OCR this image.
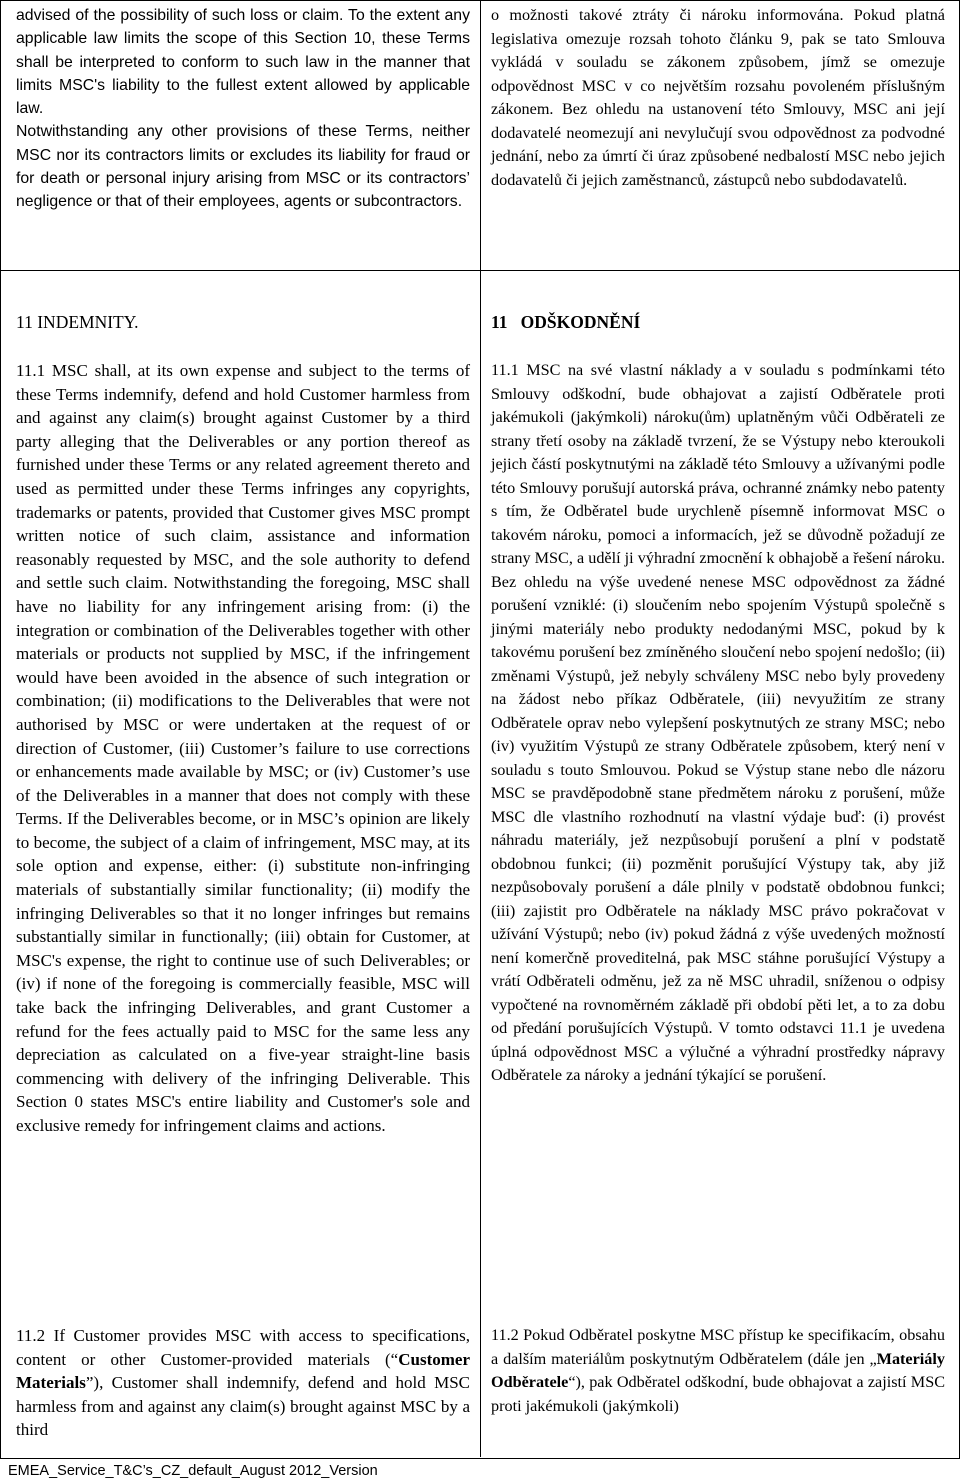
advised of the possibility of such loss or claim. To the extent any applicable law limits the scope of this Section 10, these Terms shall be interpreted to conform to such law in the manner that limits MSC's liability to the fullest extent allowed by applicable law.

Notwithstanding any other provisions of these Terms, neither MSC nor its contractors limits or excludes its liability for fraud or for death or personal injury arising from MSC or its contractors’ negligence or that of their employees, agents or subcontractors.

o možnosti takové ztráty či nároku informována. Pokud platná legislativa omezuje rozsah tohoto článku 9, pak se tato Smlouva vykládá v souladu se zákonem způsobem, jímž se omezuje odpovědnost MSC v co největším rozsahu povoleném příslušným zákonem. Bez ohledu na ustanovení této Smlouvy, MSC ani její dodavatelé neomezují ani nevylučují svou odpovědnost za podvodné jednání, nebo za úmrtí či úraz způsobené nedbalostí MSC nebo jejich dodavatelů či jejich zaměstnanců, zástupců nebo subdodavatelů.

11 INDEMNITY.	11   ODŠKODNĚNÍ

11.1 MSC shall, at its own expense and subject to the terms of these Terms indemnify, defend and hold Customer harmless from and against any claim(s) brought against Customer by a third party alleging that the Deliverables or any portion thereof as furnished under these Terms or any related agreement thereto and used as permitted under these Terms infringes any copyrights, trademarks or patents, provided that Customer gives MSC prompt written notice of such claim, assistance and information reasonably requested by MSC, and the sole authority to defend and settle such claim. Notwithstanding the foregoing, MSC shall have no liability for any infringement arising from: (i) the integration or combination of the Deliverables together with other materials or products not supplied by MSC, if the infringement would have been avoided in the absence of such integration or combination; (ii) modifications to the Deliverables that were not authorised by MSC or were undertaken at the request of or direction of Customer, (iii) Customer’s failure to use corrections or enhancements made available by MSC; or (iv) Customer’s use of the Deliverables in a manner that does not comply with these Terms. If the Deliverables become, or in MSC’s opinion are likely to become, the subject of a claim of infringement, MSC may, at its sole option and expense, either: (i) substitute non-infringing materials of substantially similar functionality; (ii) modify the infringing Deliverables so that it no longer infringes but remains substantially similar in functionally; (iii) obtain for Customer, at MSC's expense, the right to continue use of such Deliverables; or (iv) if none of the foregoing is commercially feasible, MSC will take back the infringing Deliverables, and grant Customer a refund for the fees actually paid to MSC for the same less any depreciation as calculated on a five-year straight-line basis commencing with delivery of the infringing Deliverable. This Section 0 states MSC's entire liability and Customer's sole and exclusive remedy for infringement claims and actions.

11.1 MSC na své vlastní náklady a v souladu s podmínkami této Smlouvy odškodní, bude obhajovat a zajistí Odběratele proti jakémukoli (jakýmkoli) nároku(ům) uplatněným vůči Odběrateli ze strany třetí osoby na základě tvrzení, že se Výstupy nebo kteroukoli jejich částí poskytnutými na základě této Smlouvy a užívanými podle této Smlouvy porušují autorská práva, ochranné známky nebo patenty s tím, že Odběratel bude urychleně písemně informovat MSC o takovém nároku, pomoci a informacích, jež se důvodně požadují ze strany MSC, a udělí ji výhradní zmocnění k obhajobě a řešení nároku. Bez ohledu na výše uvedené nenese MSC odpovědnost za žádné porušení vzniklé: (i) sloučením nebo spojením Výstupů společně s jinými materiály nebo produkty nedodanými MSC, pokud by k takovému porušení bez zmíněného sloučení nebo spojení nedošlo; (ii) změnami Výstupů, jež nebyly schváleny MSC nebo byly provedeny na žádost nebo příkaz Odběratele, (iii) nevyužitím ze strany Odběratele oprav nebo vylepšení poskytnutých ze strany MSC; nebo (iv) využitím Výstupů ze strany Odběratele způsobem, který není v souladu s touto Smlouvou. Pokud se Výstup stane nebo dle názoru MSC se pravděpodobně stane předmětem nároku z porušení, může MSC dle vlastního rozhodnutí na vlastní výdaje buď: (i) provést náhradu materiály, jež nezpůsobují porušení a plní v podstatě obdobnou funkci; (ii) pozměnit porušující Výstupy tak, aby již nezpůsobovaly porušení a dále plnily v podstatě obdobnou funkci; (iii) zajistit pro Odběratele na náklady MSC právo pokračovat v užívání Výstupů; nebo (iv) pokud žádná z výše uvedených možností není komerčně proveditelná, pak MSC stáhne porušující Výstupy a vrátí Odběrateli odměnu, jež za ně MSC uhradil, sníženou o odpisy vypočtené na rovnoměrném základě při období pěti let, a to za dobu od předání porušujících Výstupů. V tomto odstavci 11.1 je uvedena úplná odpovědnost MSC a výlučné a výhradní prostředky nápravy Odběratele za nároky a jednání týkající se porušení.

11.2 If Customer provides MSC with access to specifications, content or other Customer-provided materials (“Customer Materials”), Customer shall indemnify, defend and hold MSC harmless from and against any claim(s) brought against MSC by a third

11.2 Pokud Odběratel poskytne MSC přístup ke specifikacím, obsahu a dalším materiálům poskytnutým Odběratelem (dále jen „Materiály Odběratele“), pak Odběratel odškodní, bude obhajovat a zajistí MSC proti jakémukoli (jakýmkoli)

EMEA_Service_T&C’s_CZ_default_August 2012_Version
